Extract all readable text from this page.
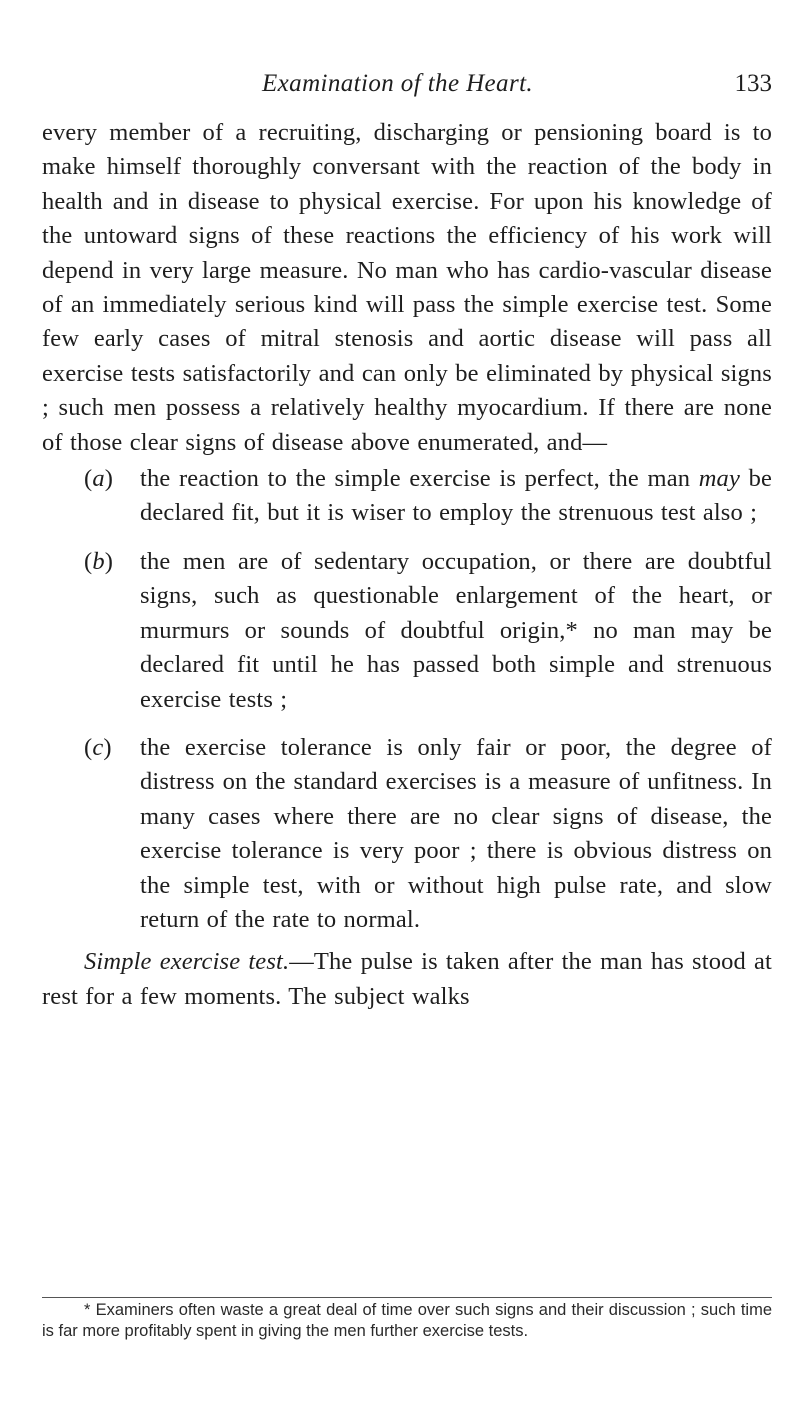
Examination of the Heart.	133

every member of a recruiting, discharging or pensioning board is to make himself thoroughly conversant with the reaction of the body in health and in disease to physical exercise. For upon his knowledge of the untoward signs of these reactions the efficiency of his work will depend in very large measure. No man who has cardio-vascular disease of an immediately serious kind will pass the simple exercise test. Some few early cases of mitral stenosis and aortic disease will pass all exercise tests satisfactorily and can only be eliminated by physical signs ; such men possess a relatively healthy myocardium. If there are none of those clear signs of disease above enumerated, and—

(a) the reaction to the simple exercise is perfect, the man may be declared fit, but it is wiser to employ the strenuous test also ;
(b) the men are of sedentary occupation, or there are doubtful signs, such as questionable enlargement of the heart, or murmurs or sounds of doubtful origin,* no man may be declared fit until he has passed both simple and strenuous exercise tests ;
(c) the exercise tolerance is only fair or poor, the degree of distress on the standard exercises is a measure of unfitness. In many cases where there are no clear signs of disease, the exercise tolerance is very poor ; there is obvious distress on the simple test, with or without high pulse rate, and slow return of the rate to normal.

Simple exercise test.—The pulse is taken after the man has stood at rest for a few moments. The subject walks

* Examiners often waste a great deal of time over such signs and their discussion ; such time is far more profitably spent in giving the men further exercise tests.
